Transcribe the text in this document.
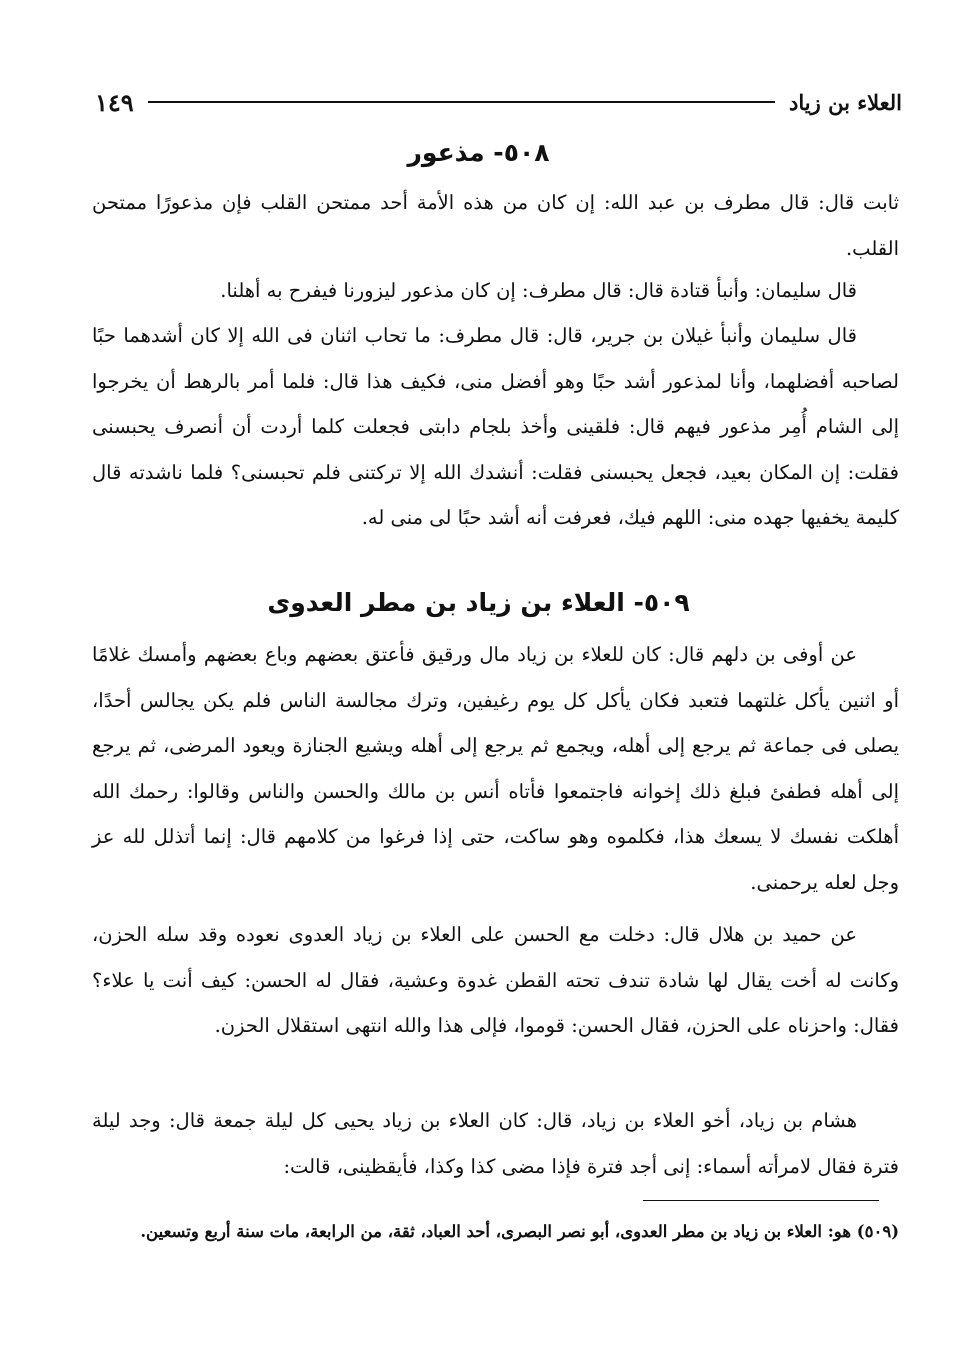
العلاء بن زياد
١٤٩
٥٠٨- مذعور
ثابت قال: قال مطرف بن عبد الله: إن كان من هذه الأمة أحد ممتحن القلب فإن مذعورًا ممتحن القلب.
قال سليمان: وأنبأ قتادة قال: قال مطرف: إن كان مذعور ليزورنا فيفرح به أهلنا.
قال سليمان وأنبأ غيلان بن جرير، قال: قال مطرف: ما تحاب اثنان فى الله إلا كان أشدهما حبًا لصاحبه أفضلهما، وأنا لمذعور أشد حبًا وهو أفضل منى، فكيف هذا قال: فلما أمر بالرهط أن يخرجوا إلى الشام أُمِر مذعور فيهم قال: فلقينى وأخذ بلجام دابتى فجعلت كلما أردت أن أنصرف يحبسنى فقلت: إن المكان بعيد، فجعل يحبسنى فقلت: أنشدك الله إلا تركتنى فلم تحبسنى؟ فلما ناشدته قال كليمة يخفيها جهده منى: اللهم فيك، فعرفت أنه أشد حبًا لى منى له.
٥٠٩- العلاء بن زياد بن مطر العدوى
عن أوفى بن دلهم قال: كان للعلاء بن زياد مال ورقيق فأعتق بعضهم وباع بعضهم وأمسك غلامًا أو اثنين يأكل غلتهما فتعبد فكان يأكل كل يوم رغيفين، وترك مجالسة الناس فلم يكن يجالس أحدًا، يصلى فى جماعة ثم يرجع إلى أهله، ويجمع ثم يرجع إلى أهله ويشيع الجنازة ويعود المرضى، ثم يرجع إلى أهله فطفئ فبلغ ذلك إخوانه فاجتمعوا فأتاه أنس بن مالك والحسن والناس وقالوا: رحمك الله أهلكت نفسك لا يسعك هذا، فكلموه وهو ساكت، حتى إذا فرغوا من كلامهم قال: إنما أتذلل لله عز وجل لعله يرحمنى.
عن حميد بن هلال قال: دخلت مع الحسن على العلاء بن زياد العدوى نعوده وقد سله الحزن، وكانت له أخت يقال لها شادة تندف تحته القطن غدوة وعشية، فقال له الحسن: كيف أنت يا علاء؟ فقال: واحزناه على الحزن، فقال الحسن: قوموا، فإلى هذا والله انتهى استقلال الحزن.
هشام بن زياد، أخو العلاء بن زياد، قال: كان العلاء بن زياد يحيى كل ليلة جمعة قال: وجد ليلة فترة فقال لامرأته أسماء: إنى أجد فترة فإذا مضى كذا وكذا، فأيقظينى، قالت:
(٥٠٩) هو: العلاء بن زياد بن مطر العدوى، أبو نصر البصرى، أحد العباد، ثقة، من الرابعة، مات سنة أربع وتسعين.
